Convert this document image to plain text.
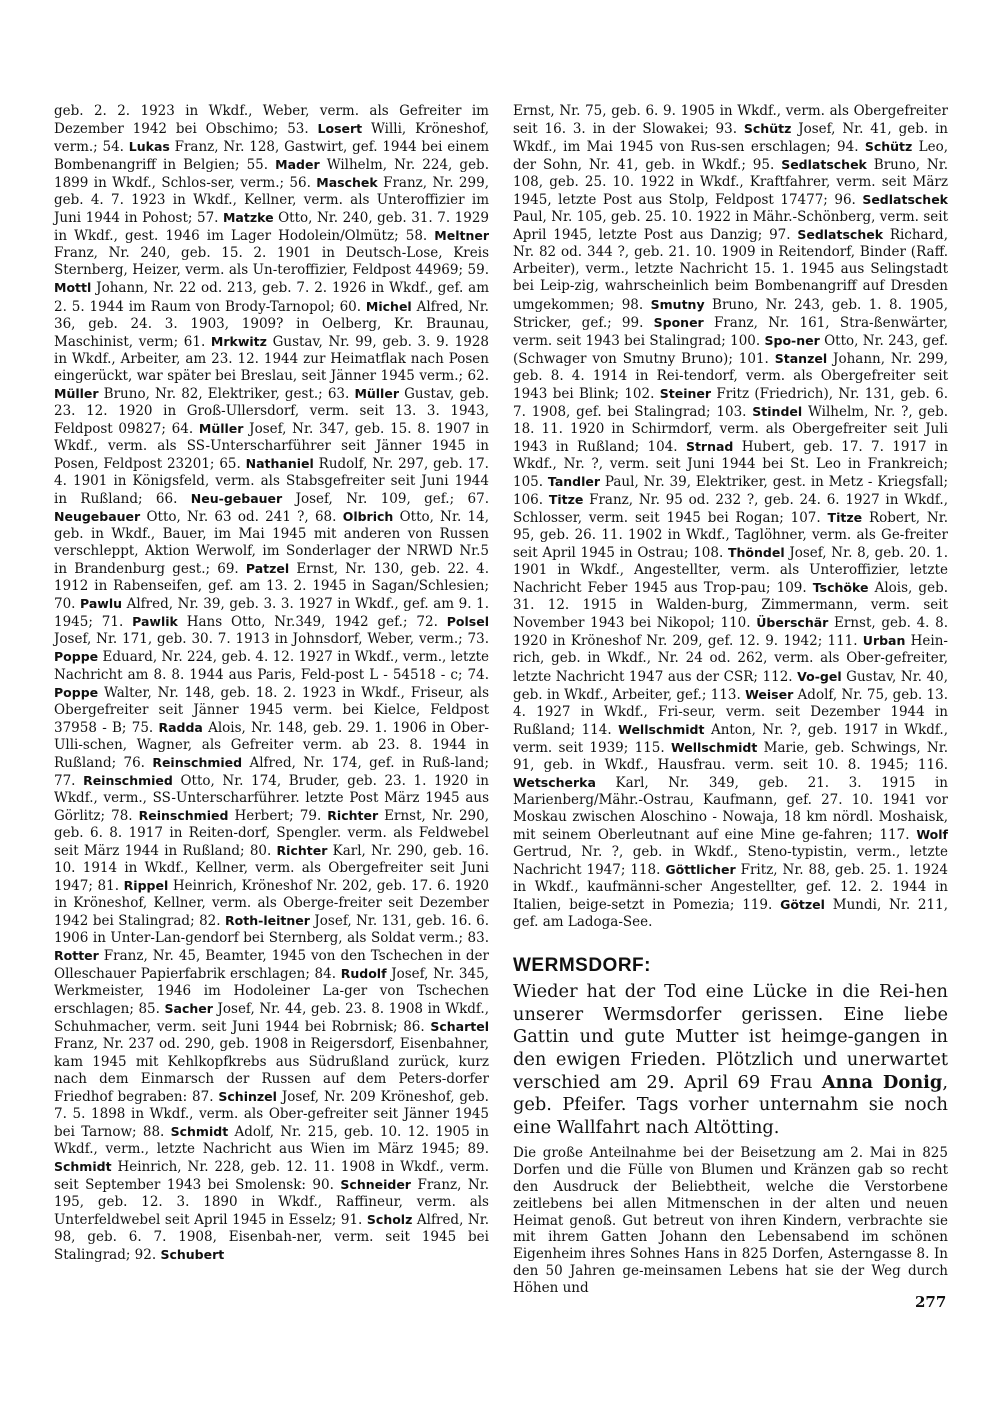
geb. 2. 2. 1923 in Wkdf., Weber, verm. als Gefreiter im Dezember 1942 bei Obschimo; 53. Losert Willi, Kröneshof, verm.; 54. Lukas Franz, Nr. 128, Gastwirt, gef. 1944 bei einem Bombenangriff in Belgien; 55. Mader Wilhelm, Nr. 224, geb. 1899 in Wkdf., Schlos-ser, verm.; 56. Maschek Franz, Nr. 299, geb. 4. 7. 1923 in Wkdf., Kellner, verm. als Unteroffizier im Juni 1944 in Pohost; 57. Matzke Otto, Nr. 240, geb. 31. 7. 1929 in Wkdf., gest. 1946 im Lager Hodolein/Olmütz; 58. Meltner Franz, Nr. 240, geb. 15. 2. 1901 in Deutsch-Lose, Kreis Sternberg, Heizer, verm. als Un-teroffizier, Feldpost 44969; 59. Mottl Johann, Nr. 22 od. 213, geb. 7. 2. 1926 in Wkdf., gef. am 2. 5. 1944 im Raum von Brody-Tarnopol; 60. Michel Alfred, Nr. 36, geb. 24. 3. 1903, 1909? in Oelberg, Kr. Braunau, Maschinist, verm; 61. Mrkwitz Gustav, Nr. 99, geb. 3. 9. 1928 in Wkdf., Arbeiter, am 23. 12. 1944 zur Heimatflak nach Posen eingerückt, war später bei Breslau, seit Jänner 1945 verm.; 62. Müller Bruno, Nr. 82, Elektriker, gest.; 63. Müller Gustav, geb. 23. 12. 1920 in Groß-Ullersdorf, verm. seit 13. 3. 1943, Feldpost 09827; 64. Müller Josef, Nr. 347, geb. 15. 8. 1907 in Wkdf., verm. als SS-Unterscharführer seit Jänner 1945 in Posen, Feldpost 23201; 65. Nathaniel Rudolf, Nr. 297, geb. 17. 4. 1901 in Königsfeld, verm. als Stabsgefreiter seit Juni 1944 in Rußland; 66. Neu-gebauer Josef, Nr. 109, gef.; 67. Neugebauer Otto, Nr. 63 od. 241 ?, 68. Olbrich Otto, Nr. 14, geb. in Wkdf., Bauer, im Mai 1945 mit anderen von Russen verschleppt, Aktion Werwolf, im Sonderlager der NRWD Nr.5 in Brandenburg gest.; 69. Patzel Ernst, Nr. 130, geb. 22. 4. 1912 in Rabenseifen, gef. am 13. 2. 1945 in Sagan/Schlesien; 70. Pawlu Alfred, Nr. 39, geb. 3. 3. 1927 in Wkdf., gef. am 9. 1. 1945; 71. Pawlik Hans Otto, Nr.349, 1942 gef.; 72. Polsel Josef, Nr. 171, geb. 30. 7. 1913 in Johnsdorf, Weber, verm.; 73. Poppe Eduard, Nr. 224, geb. 4. 12. 1927 in Wkdf., verm., letzte Nachricht am 8. 8. 1944 aus Paris, Feld-post L - 54518 - c; 74. Poppe Walter, Nr. 148, geb. 18. 2. 1923 in Wkdf., Friseur, als Obergefreiter seit Jänner 1945 verm. bei Kielce, Feldpost 37958 - B; 75. Radda Alois, Nr. 148, geb. 29. 1. 1906 in Ober-Ulli-schen, Wagner, als Gefreiter verm. ab 23. 8. 1944 in Rußland; 76. Reinschmied Alfred, Nr. 174, gef. in Ruß-land; 77. Reinschmied Otto, Nr. 174, Bruder, geb. 23. 1. 1920 in Wkdf., verm., SS-Unterscharführer. letzte Post März 1945 aus Görlitz; 78. Reinschmied Herbert; 79. Richter Ernst, Nr. 290, geb. 6. 8. 1917 in Reiten-dorf, Spengler. verm. als Feldwebel seit März 1944 in Rußland; 80. Richter Karl, Nr. 290, geb. 16. 10. 1914 in Wkdf., Kellner, verm. als Obergefreiter seit Juni 1947; 81. Rippel Heinrich, Kröneshof Nr. 202, geb. 17. 6. 1920 in Kröneshof, Kellner, verm. als Oberge-freiter seit Dezember 1942 bei Stalingrad; 82. Roth-leitner Josef, Nr. 131, geb. 16. 6. 1906 in Unter-Lan-gendorf bei Sternberg, als Soldat verm.; 83. Rotter Franz, Nr. 45, Beamter, 1945 von den Tschechen in der Olleschauer Papierfabrik erschlagen; 84. Rudolf Josef, Nr. 345, Werkmeister, 1946 im Hodoleiner La-ger von Tschechen erschlagen; 85. Sacher Josef, Nr. 44, geb. 23. 8. 1908 in Wkdf., Schuhmacher, verm. seit Juni 1944 bei Robrnisk; 86. Schartel Franz, Nr. 237 od. 290, geb. 1908 in Reigersdorf, Eisenbahner, kam 1945 mit Kehlkopfkrebs aus Südrußland zurück, kurz nach dem Einmarsch der Russen auf dem Peters-dorfer Friedhof begraben: 87. Schinzel Josef, Nr. 209 Kröneshof, geb. 7. 5. 1898 in Wkdf., verm. als Ober-gefreiter seit Jänner 1945 bei Tarnow; 88. Schmidt Adolf, Nr. 215, geb. 10. 12. 1905 in Wkdf., verm., letzte Nachricht aus Wien im März 1945; 89. Schmidt Heinrich, Nr. 228, geb. 12. 11. 1908 in Wkdf., verm. seit September 1943 bei Smolensk: 90. Schneider Franz, Nr. 195, geb. 12. 3. 1890 in Wkdf., Raffineur, verm. als Unterfeldwebel seit April 1945 in Esselz; 91. Scholz Alfred, Nr. 98, geb. 6. 7. 1908, Eisenbah-ner, verm. seit 1945 bei Stalingrad; 92. Schubert

Ernst, Nr. 75, geb. 6. 9. 1905 in Wkdf., verm. als Obergefreiter seit 16. 3. in der Slowakei; 93. Schütz Josef, Nr. 41, geb. in Wkdf., im Mai 1945 von Rus-sen erschlagen; 94. Schütz Leo, der Sohn, Nr. 41, geb. in Wkdf.; 95. Sedlatschek Bruno, Nr. 108, geb. 25. 10. 1922 in Wkdf., Kraftfahrer, verm. seit März 1945, letzte Post aus Stolp, Feldpost 17477; 96. Sedlatschek Paul, Nr. 105, geb. 25. 10. 1922 in Mähr.-Schönberg, verm. seit April 1945, letzte Post aus Danzig; 97. Sedlatschek Richard, Nr. 82 od. 344 ?, geb. 21. 10. 1909 in Reitendorf, Binder (Raff. Arbeiter), verm., letzte Nachricht 15. 1. 1945 aus Selingstadt bei Leip-zig, wahrscheinlich beim Bombenangriff auf Dresden umgekommen; 98. Smutny Bruno, Nr. 243, geb. 1. 8. 1905, Stricker, gef.; 99. Sponer Franz, Nr. 161, Stra-ßenwärter, verm. seit 1943 bei Stalingrad; 100. Spo-ner Otto, Nr. 243, gef. (Schwager von Smutny Bruno); 101. Stanzel Johann, Nr. 299, geb. 8. 4. 1914 in Rei-tendorf, verm. als Obergefreiter seit 1943 bei Blink; 102. Steiner Fritz (Friedrich), Nr. 131, geb. 6. 7. 1908, gef. bei Stalingrad; 103. Stindel Wilhelm, Nr. ?, geb. 18. 11. 1920 in Schirmdorf, verm. als Obergefreiter seit Juli 1943 in Rußland; 104. Strnad Hubert, geb. 17. 7. 1917 in Wkdf., Nr. ?, verm. seit Juni 1944 bei St. Leo in Frankreich; 105. Tandler Paul, Nr. 39, Elektriker, gest. in Metz - Kriegsfall; 106. Titze Franz, Nr. 95 od. 232 ?, geb. 24. 6. 1927 in Wkdf., Schlosser, verm. seit 1945 bei Rogan; 107. Titze Robert, Nr. 95, geb. 26. 11. 1902 in Wkdf., Taglöhner, verm. als Ge-freiter seit April 1945 in Ostrau; 108. Thöndel Josef, Nr. 8, geb. 20. 1. 1901 in Wkdf., Angestellter, verm. als Unteroffizier, letzte Nachricht Feber 1945 aus Trop-pau; 109. Tschöke Alois, geb. 31. 12. 1915 in Walden-burg, Zimmermann, verm. seit November 1943 bei Nikopol; 110. Überschär Ernst, geb. 4. 8. 1920 in Kröneshof Nr. 209, gef. 12. 9. 1942; 111. Urban Hein-rich, geb. in Wkdf., Nr. 24 od. 262, verm. als Ober-gefreiter, letzte Nachricht 1947 aus der CSR; 112. Vo-gel Gustav, Nr. 40, geb. in Wkdf., Arbeiter, gef.; 113. Weiser Adolf, Nr. 75, geb. 13. 4. 1927 in Wkdf., Fri-seur, verm. seit Dezember 1944 in Rußland; 114. Wellschmidt Anton, Nr. ?, geb. 1917 in Wkdf., verm. seit 1939; 115. Wellschmidt Marie, geb. Schwings, Nr. 91, geb. in Wkdf., Hausfrau. verm. seit 10. 8. 1945; 116. Wetscherka Karl, Nr. 349, geb. 21. 3. 1915 in Marienberg/Mähr.-Ostrau, Kaufmann, gef. 27. 10. 1941 vor Moskau zwischen Aloschino - Nowaja, 18 km nördl. Moshaisk, mit seinem Oberleutnant auf eine Mine ge-fahren; 117. Wolf Gertrud, Nr. ?, geb. in Wkdf., Steno-typistin, verm., letzte Nachricht 1947; 118. Göttlicher Fritz, Nr. 88, geb. 25. 1. 1924 in Wkdf., kaufmänni-scher Angestellter, gef. 12. 2. 1944 in Italien, beige-setzt in Pomezia; 119. Götzel Mundi, Nr. 211, gef. am Ladoga-See.

WERMSDORF:

Wieder hat der Tod eine Lücke in die Rei-hen unserer Wermsdorfer gerissen. Eine liebe Gattin und gute Mutter ist heimge-gangen in den ewigen Frieden. Plötzlich und unerwartet verschied am 29. April 69 Frau Anna Donig, geb. Pfeifer. Tags vorher unternahm sie noch eine Wallfahrt nach Altötting.

Die große Anteilnahme bei der Beisetzung am 2. Mai in 825 Dorfen und die Fülle von Blumen und Kränzen gab so recht den Ausdruck der Beliebtheit, welche die Verstorbene zeitlebens bei allen Mitmenschen in der alten und neuen Heimat genoß. Gut betreut von ihren Kindern, verbrachte sie mit ihrem Gatten Johann den Lebensabend im schönen Eigenheim ihres Sohnes Hans in 825 Dorfen, Asterngasse 8. In den 50 Jahren ge-meinsamen Lebens hat sie der Weg durch Höhen und

277
